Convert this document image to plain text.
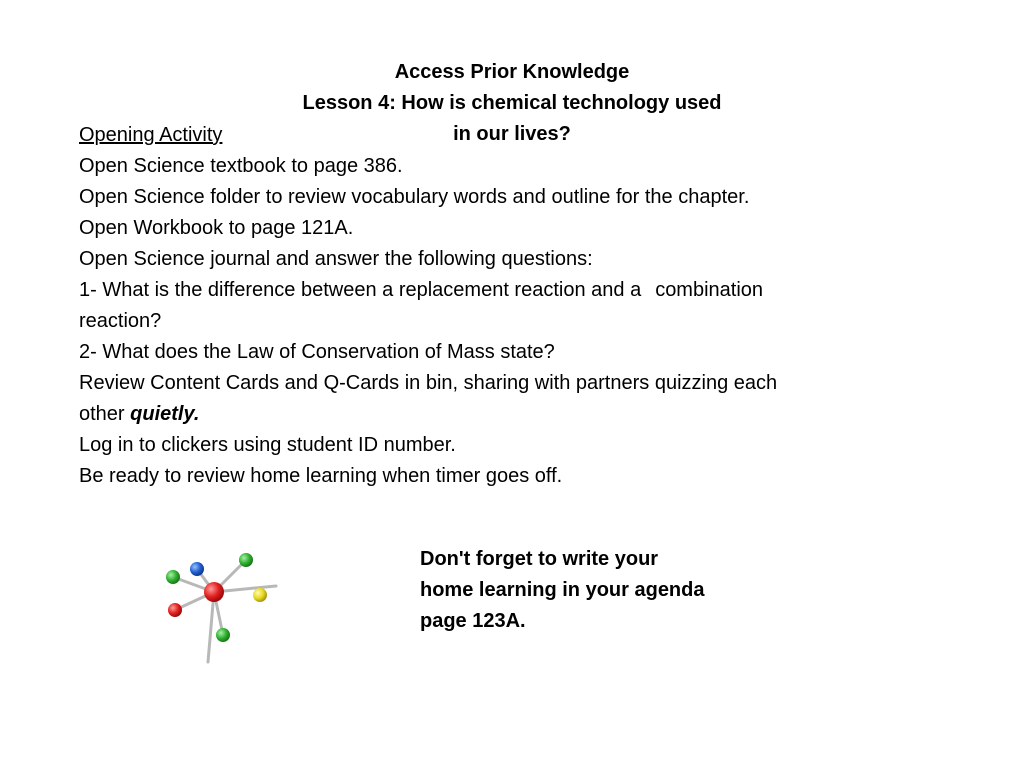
Access Prior Knowledge

Lesson 4: How is chemical technology used

in our lives?

Opening Activity
Open Science textbook to page 386.
Open Science folder to review vocabulary words and outline for the chapter.
Open Workbook to page 121A.
Open Science journal and answer the following questions:
1- What is the difference between a replacement reaction and a combination
reaction?
2- What does the Law of Conservation of Mass state?
Review Content Cards and Q-Cards in bin, sharing with partners quizzing each
other quietly.
Log in to clickers using student ID number.
Be ready to review home learning when timer goes off.
Don't forget to write your
home learning in your agenda
page 123A.
